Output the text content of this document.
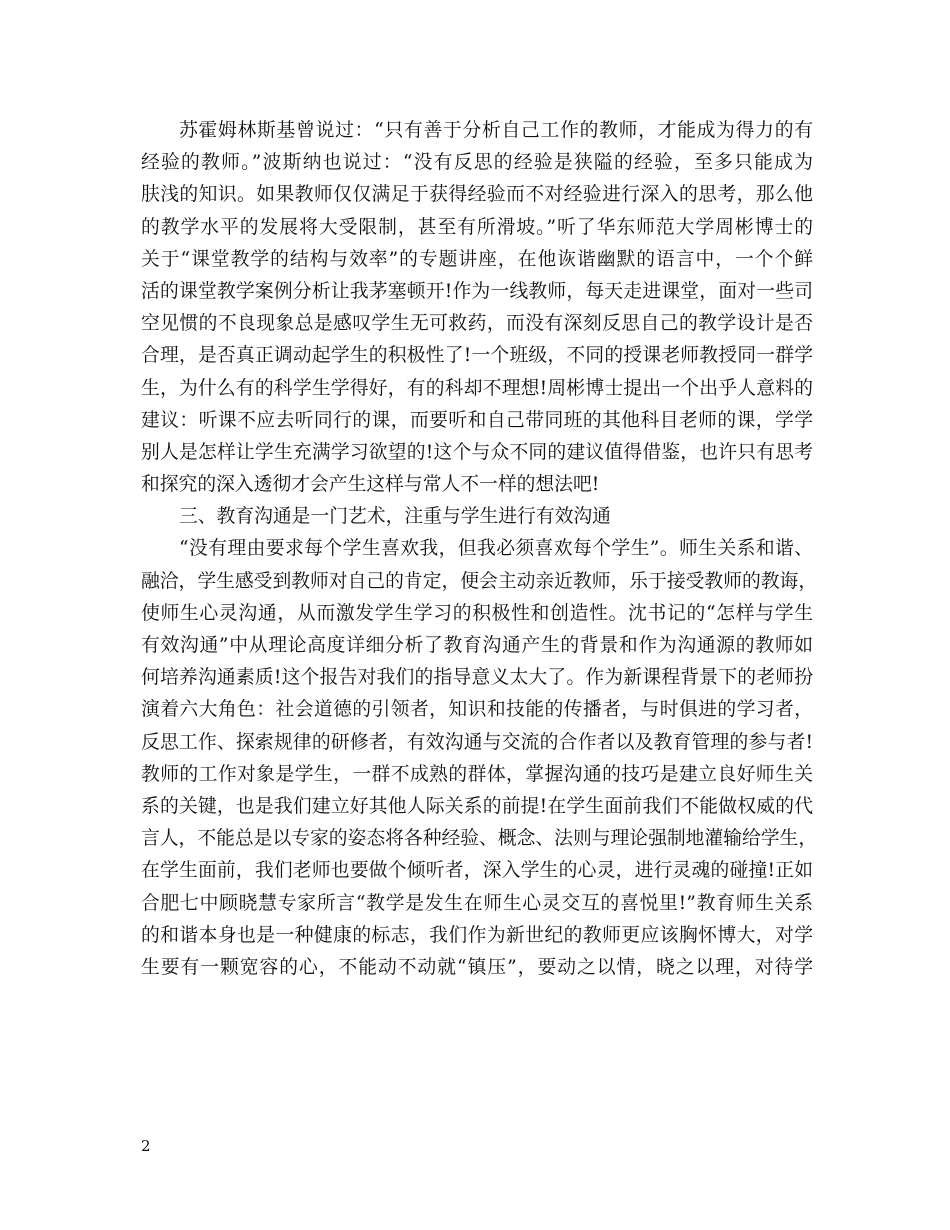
苏霍姆林斯基曾说过：“只有善于分析自己工作的教师，才能成为得力的有
经验的教师。”波斯纳也说过：“没有反思的经验是狭隘的经验，至多只能成为
肤浅的知识。如果教师仅仅满足于获得经验而不对经验进行深入的思考，那么他
的教学水平的发展将大受限制，甚至有所滑坡。”听了华东师范大学周彬博士的
关于“课堂教学的结构与效率”的专题讲座，在他诙谐幽默的语言中，一个个鲜
活的课堂教学案例分析让我茅塞顿开!作为一线教师，每天走进课堂，面对一些司
空见惯的不良现象总是感叹学生无可救药，而没有深刻反思自己的教学设计是否
合理，是否真正调动起学生的积极性了!一个班级，不同的授课老师教授同一群学
生，为什么有的科学生学得好，有的科却不理想!周彬博士提出一个出乎人意料的
建议：听课不应去听同行的课，而要听和自己带同班的其他科目老师的课，学学
别人是怎样让学生充满学习欲望的!这个与众不同的建议值得借鉴，也许只有思考
和探究的深入透彻才会产生这样与常人不一样的想法吧!
三、教育沟通是一门艺术，注重与学生进行有效沟通
“没有理由要求每个学生喜欢我，但我必须喜欢每个学生”。师生关系和谐、
融洽，学生感受到教师对自己的肯定，便会主动亲近教师，乐于接受教师的教诲，
使师生心灵沟通，从而激发学生学习的积极性和创造性。沈书记的“怎样与学生
有效沟通”中从理论高度详细分析了教育沟通产生的背景和作为沟通源的教师如
何培养沟通素质!这个报告对我们的指导意义太大了。作为新课程背景下的老师扮
演着六大角色：社会道德的引领者，知识和技能的传播者，与时俱进的学习者，
反思工作、探索规律的研修者，有效沟通与交流的合作者以及教育管理的参与者!
教师的工作对象是学生，一群不成熟的群体，掌握沟通的技巧是建立良好师生关
系的关键，也是我们建立好其他人际关系的前提!在学生面前我们不能做权威的代
言人，不能总是以专家的姿态将各种经验、概念、法则与理论强制地灌输给学生，
在学生面前，我们老师也要做个倾听者，深入学生的心灵，进行灵魂的碰撞!正如
合肥七中顾晓慧专家所言“教学是发生在师生心灵交互的喜悦里!”教育师生关系
的和谐本身也是一种健康的标志，我们作为新世纪的教师更应该胸怀博大，对学
生要有一颗宽容的心，不能动不动就“镇压”，要动之以情，晓之以理，对待学
2
